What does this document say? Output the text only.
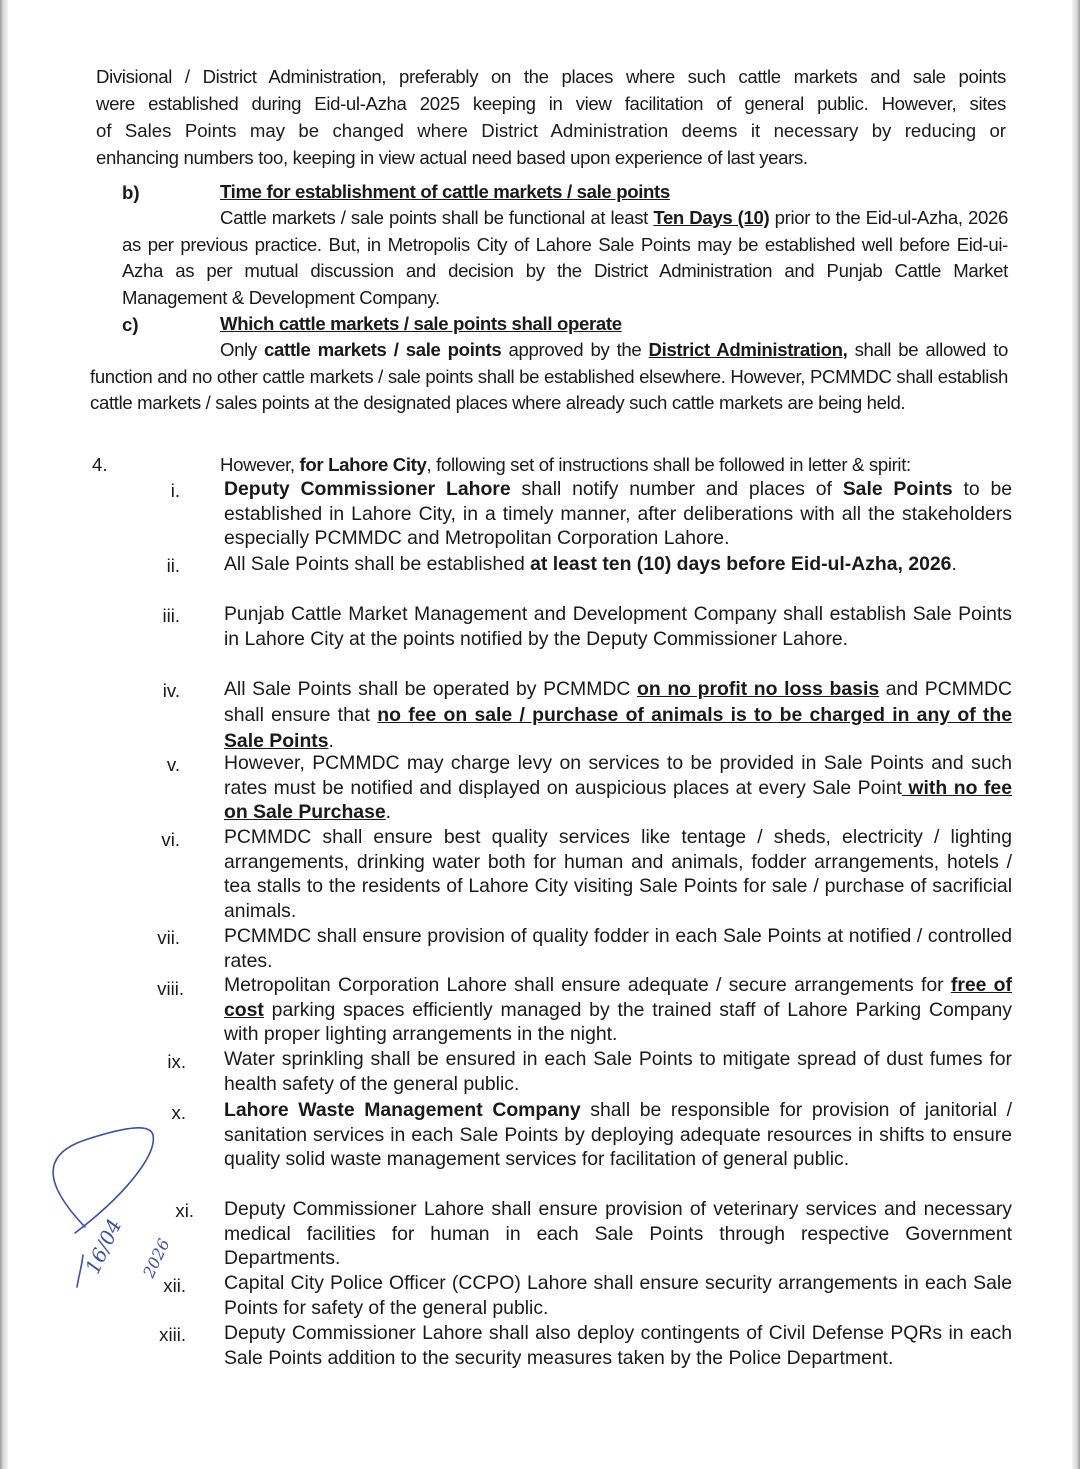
Divisional / District Administration, preferably on the places where such cattle markets and sale points
were established during Eid-ul-Azha 2025 keeping in view facilitation of general public. However, sites
of Sales Points may be changed where District Administration deems it necessary by reducing or
enhancing numbers too, keeping in view actual need based upon experience of last years.
b)	Time for establishment of cattle markets / sale points
Cattle markets / sale points shall be functional at least Ten Days (10) prior to the Eid-ul-Azha, 2026 as per previous practice. But, in Metropolis City of Lahore Sale Points may be established well before Eid-ui-Azha as per mutual discussion and decision by the District Administration and Punjab Cattle Market Management & Development Company.
c)	Which cattle markets / sale points shall operate
Only cattle markets / sale points approved by the District Administration, shall be allowed to function and no other cattle markets / sale points shall be established elsewhere. However, PCMMDC shall establish cattle markets / sales points at the designated places where already such cattle markets are being held.
4.	However, for Lahore City, following set of instructions shall be followed in letter & spirit:
i. Deputy Commissioner Lahore shall notify number and places of Sale Points to be established in Lahore City, in a timely manner, after deliberations with all the stakeholders especially PCMMDC and Metropolitan Corporation Lahore.
ii. All Sale Points shall be established at least ten (10) days before Eid-ul-Azha, 2026.
iii. Punjab Cattle Market Management and Development Company shall establish Sale Points in Lahore City at the points notified by the Deputy Commissioner Lahore.
iv. All Sale Points shall be operated by PCMMDC on no profit no loss basis and PCMMDC shall ensure that no fee on sale / purchase of animals is to be charged in any of the Sale Points.
v. However, PCMMDC may charge levy on services to be provided in Sale Points and such rates must be notified and displayed on auspicious places at every Sale Point with no fee on Sale Purchase.
vi. PCMMDC shall ensure best quality services like tentage / sheds, electricity / lighting arrangements, drinking water both for human and animals, fodder arrangements, hotels / tea stalls to the residents of Lahore City visiting Sale Points for sale / purchase of sacrificial animals.
vii. PCMMDC shall ensure provision of quality fodder in each Sale Points at notified / controlled rates.
viii. Metropolitan Corporation Lahore shall ensure adequate / secure arrangements for free of cost parking spaces efficiently managed by the trained staff of Lahore Parking Company with proper lighting arrangements in the night.
ix. Water sprinkling shall be ensured in each Sale Points to mitigate spread of dust fumes for health safety of the general public.
x. Lahore Waste Management Company shall be responsible for provision of janitorial / sanitation services in each Sale Points by deploying adequate resources in shifts to ensure quality solid waste management services for facilitation of general public.
xi. Deputy Commissioner Lahore shall ensure provision of veterinary services and necessary medical facilities for human in each Sale Points through respective Government Departments.
xii. Capital City Police Officer (CCPO) Lahore shall ensure security arrangements in each Sale Points for safety of the general public.
xiii. Deputy Commissioner Lahore shall also deploy contingents of Civil Defense PQRs in each Sale Points addition to the security measures taken by the Police Department.
16/04 2026
